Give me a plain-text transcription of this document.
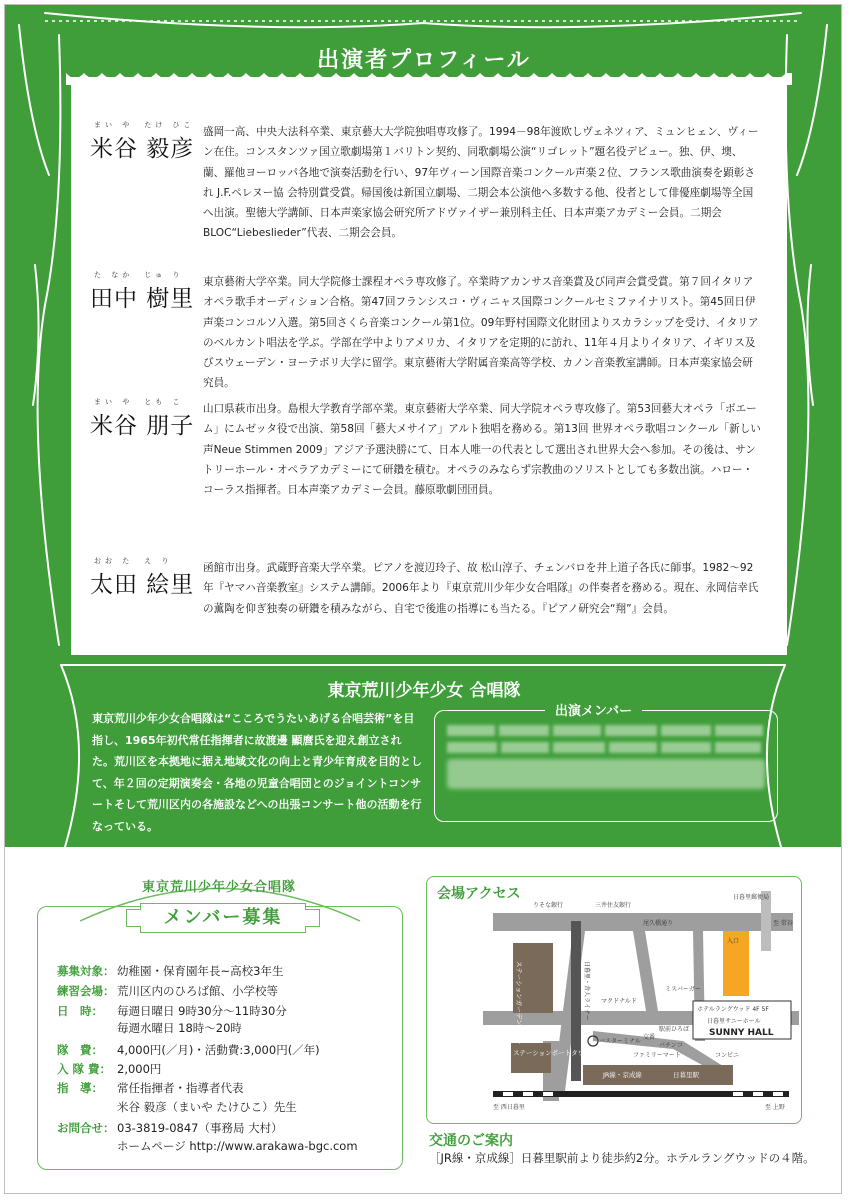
出演者プロフィール
まい や　たけ ひこ
米谷 毅彦
盛岡一高、中央大法科卒業、東京藝大大学院独唱専攻修了。1994－98年渡欧しヴェネツィア、ミュンヒェン、ヴィーン在住。コンスタンツァ国立歌劇場第１バリトン契約、同歌劇場公演“リゴレット”題名役デビュー。独、伊、墺、蘭、羅他ヨーロッパ各地で演奏活動を行い、97年ヴィーン国際音楽コンクール声楽２位、フランス歌曲演奏を顕彰され J.F.ペレヌー協 会特別賞受賞。帰国後は新国立劇場、二期会本公演他へ多数する他、役者として俳優座劇場等全国へ出演。聖徳大学講師、日本声楽家協会研究所アドヴァイザー兼別科主任、日本声楽アカデミー会員。二期会BLOC“Liebeslieder”代表、二期会会員。
た なか　じゅ り
田中 樹里
東京藝術大学卒業。同大学院修士課程オペラ専攻修了。卒業時アカンサス音楽賞及び同声会賞受賞。第７回イタリアオペラ歌手オーディション合格。第47回フランシスコ・ヴィニャス国際コンクールセミファイナリスト。第45回日伊声楽コンコルソ入選。第5回さくら音楽コンクール第1位。09年野村国際文化財団よりスカラシップを受け、イタリアのベルカント唱法を学ぶ。学部在学中よりアメリカ、イタリアを定期的に訪れ、11年４月よりイタリア、イギリス及びスウェーデン・ヨーテボリ大学に留学。東京藝術大学附属音楽高等学校、カノン音楽教室講師。日本声楽家協会研究員。
まい や　とも こ
米谷 朋子
山口県萩市出身。島根大学教育学部卒業。東京藝術大学卒業、同大学院オペラ専攻修了。第53回藝大オペラ「ボエーム」にムゼッタ役で出演、第58回「藝大メサイア」アルト独唱を務める。第13回 世界オペラ歌唱コンクール「新しい声Neue Stimmen 2009」アジア予選決勝にて、日本人唯一の代表として選出され世界大会へ参加。その後は、サントリーホール・オペラアカデミーにて研鑽を積む。オペラのみならず宗教曲のソリストとしても多数出演。ハロー・コーラス指揮者。日本声楽アカデミー会員。藤原歌劇団団員。
おお た　え り
太田 絵里
函館市出身。武蔵野音楽大学卒業。ピアノを渡辺玲子、故 松山淳子、チェンバロを井上道子各氏に師事。1982～92年『ヤマハ音楽教室』システム講師。2006年より『東京荒川少年少女合唱隊』の伴奏者を務める。現在、永岡信幸氏の薫陶を仰ぎ独奏の研鑽を積みながら、自宅で後進の指導にも当たる。『ピアノ研究会“翔”』会員。
東京荒川少年少女 合唱隊
東京荒川少年少女合唱隊は“こころでうたいあげる合唱芸術”を目指し、1965年初代常任指揮者に故渡邊 顯麿氏を迎え創立された。荒川区を本拠地に据え地域文化の向上と青少年育成を目的として、年２回の定期演奏会・各地の児童合唱団とのジョイントコンサートそして荒川区内の各施設などへの出張コンサート他の活動を行なっている。
出演メンバー
東京荒川少年少女合唱隊
メンバー募集
募集対象： 幼稚園・保育園年長~高校3年生
練習会場： 荒川区内のひろば館、小学校等
日　時： 毎週日曜日 9時30分～11時30分
毎週水曜日 18時～20時
隊　費： 4,000円(／月)・活動費:3,000円(／年)
入 隊 費： 2,000円
指　導： 常任指揮者・指導者代表
米谷 毅彦（まいや たけひこ）先生
お問合せ： 03-3819-0847（事務局 大村）
ホームページ http://www.arakawa-bgc.com
会場アクセス
りそな銀行	三井住友銀行
日暮里郵便局
尾久橋通り	至 常谷
ステーションガーデンタワー	日暮里・舎人ライナー マクドナルド
ミスバーガー
バスターミナル
交番
駅前ひろば
パチンコ
ファミリーマート	コンビニ
ホテルラングウッド 4F 5F
日暮里サニーホール
SUNNY HALL
入口
ステーションポートタワー
JR線・京成線	日暮里駅
至 西日暮里	至 上野
交通のご案内
［JR線・京成線］日暮里駅前より徒歩約2分。ホテルラングウッドの４階。
